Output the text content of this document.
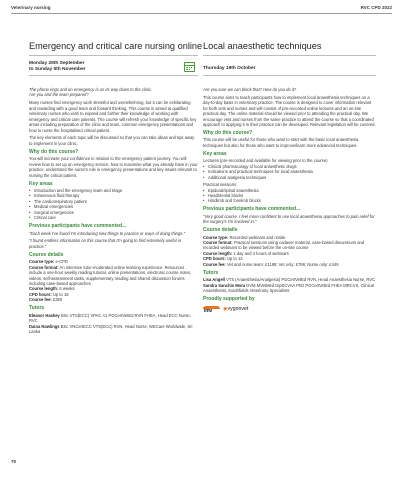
Veterinary nursing	RVC CPD 2022
Emergency and critical care nursing online
Monday 25th September
to Sunday 5th November

The phone rings and an emergency is on its way down to the clinic.
Are you and the team prepared?

Many nurses find emergency work stressful and overwhelming, but it can be exhilarating and rewarding with a good team and forward thinking. This course is aimed at qualified veterinary nurses who wish to expand and further their knowledge of working with emergency and critical care patients. The course will refresh your knowledge of specific key areas including preparation of the clinic and team, common emergency presentations and how to nurse the hospitalised critical patient.

The key elements of each topic will be discussed so that you can take ideas and tips away to implement in your clinic.

Why do this course?

You will increase your confidence in relation to the emergency patient journey. You will review how to set up an emergency service, how to maximise what you already have in your practice, understand the nurse's role in emergency presentations and key issues relevant to nursing the critical patient.

Key areas
• Introduction and the emergency team and triage
• Intravenous fluid therapy
• The cardiorespiratory patient
• Medical emergencies
• Surgical emergencies
• Critical care
Previous participants have commented...

"Each week I've found I'm introducing new things to practice or ways of doing things."

"I found endless information on this course that I'm going to find extremely useful in practice."

Course details
Course type: e-CPD
Course format: An intensive tutor-moderated online learning experience. Resources include a one-hour weekly reading tutorial, online presentations, electronic course notes, videos, self-assessment tasks, supplementary reading and shared discussion forums including case-based approaches
Course length: 6 weeks
CPD hours: Up to 18
Course fee: £350
Tutors
Eleanor Haskey BSc VTS(ECC) VPAC A1 PGCertVetEd RVN FHEA, Head ECC Nurse, RVC
Daina Rawlings BSc VNCertECC VTS(ECC) RVN, Head Nurse, WECare Worldwide, Sri Lanka
Local anaesthetic techniques
Thursday 19th October

Are you sure we can block that? How do you do it?

This course aims to teach participants how to implement local anaesthesia techniques on a day-to-day basis in veterinary practice. The course is designed to cover information relevant for both vets and nurses and will consist of pre-recorded online lectures and an on-site practical day. The online material should be viewed prior to attending the practical day. We encourage vets and nurses from the same practice to attend the course so that a coordinated approach to applying it in their practice can be developed. Relevant legislation will be covered.

Why do this course?

This course will be useful for those who want to start with the basic local anaesthesia techniques but also for those who want to improve/learn more advanced techniques.

Key areas
Lectures (pre-recorded and available for viewing prior to the course)
• Clinical pharmacology of local anaesthetic drugs
• Indications and practical techniques for local anaesthesia
• Additional analgesia techniques
Practical sessions
• Epidural/spinal anaesthesia
• Head/dental blocks
• Hindlimb and forelimb blocks
Previous participants have commented...

"Very good course. I feel more confident to use local anaesthesia approaches to pain relief for the surgery's I'm involved in."

Course details
Course type: Recorded webinars and onsite
Course format: Practical sessions using cadaver material, case-based discussions and recorded webinars to be viewed before the on-site course
Course length: 1 day and 4 hours of webinars
CPD hours: Up to 12
Course fee: Vet and nurse team: £1198; Vet only: £799; Nurse only: £449
Tutors
Lisa Angell VTS (Anaesthesia/Analgesia) PGCertVetEd RVN, Head Anaesthesia Nurse, RVC
Sandra Sanchis Mora DVM MVetMed DipECVAA PhD PGCertVetEd FHEA MRCVS, Clinical Anaesthetist, Southfields Veterinary Specialists
Proudly supported by
imv ◉vygonvet
70
